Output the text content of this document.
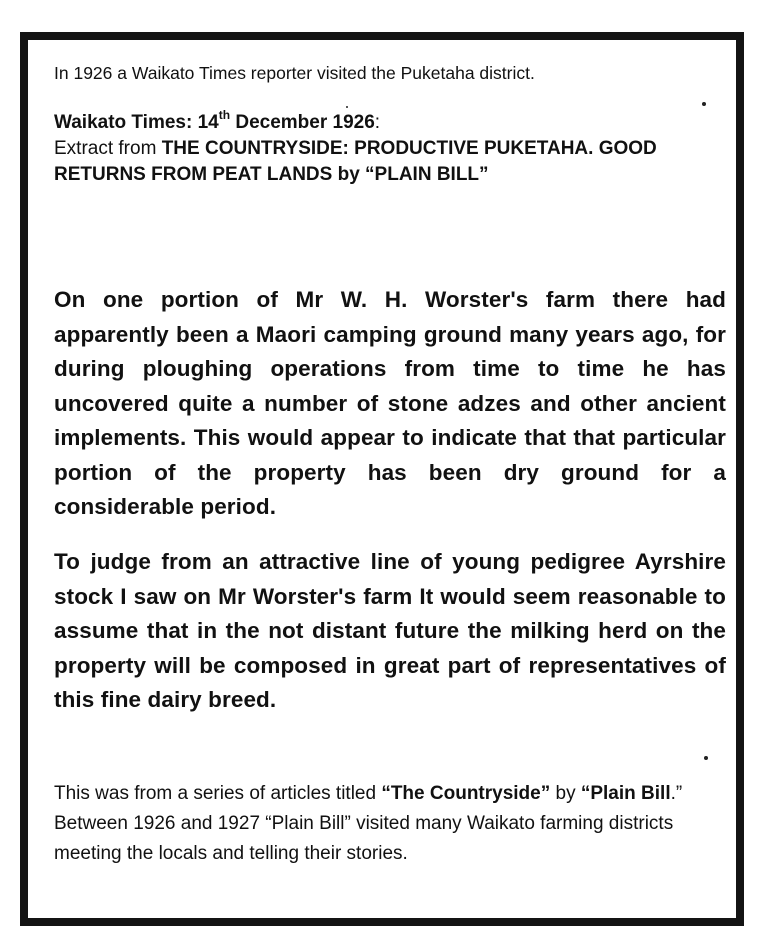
In 1926 a Waikato Times reporter visited the Puketaha district.

Waikato Times: 14th December 1926:
Extract from THE COUNTRYSIDE: PRODUCTIVE PUKETAHA. GOOD RETURNS FROM PEAT LANDS by “PLAIN BILL”

On one portion of Mr W. H. Worster's farm there had apparently been a Maori camping ground many years ago, for during ploughing operations from time to time he has uncovered quite a number of stone adzes and other ancient implements. This would appear to indicate that that particular portion of the property has been dry ground for a considerable period.

To judge from an attractive line of young pedigree Ayrshire stock I saw on Mr Worster's farm It would seem reasonable to assume that in the not distant future the milking herd on the property will be composed in great part of representatives of this fine dairy breed.

This was from a series of articles titled “The Countryside” by “Plain Bill.” Between 1926 and 1927 “Plain Bill” visited many Waikato farming districts meeting the locals and telling their stories.
